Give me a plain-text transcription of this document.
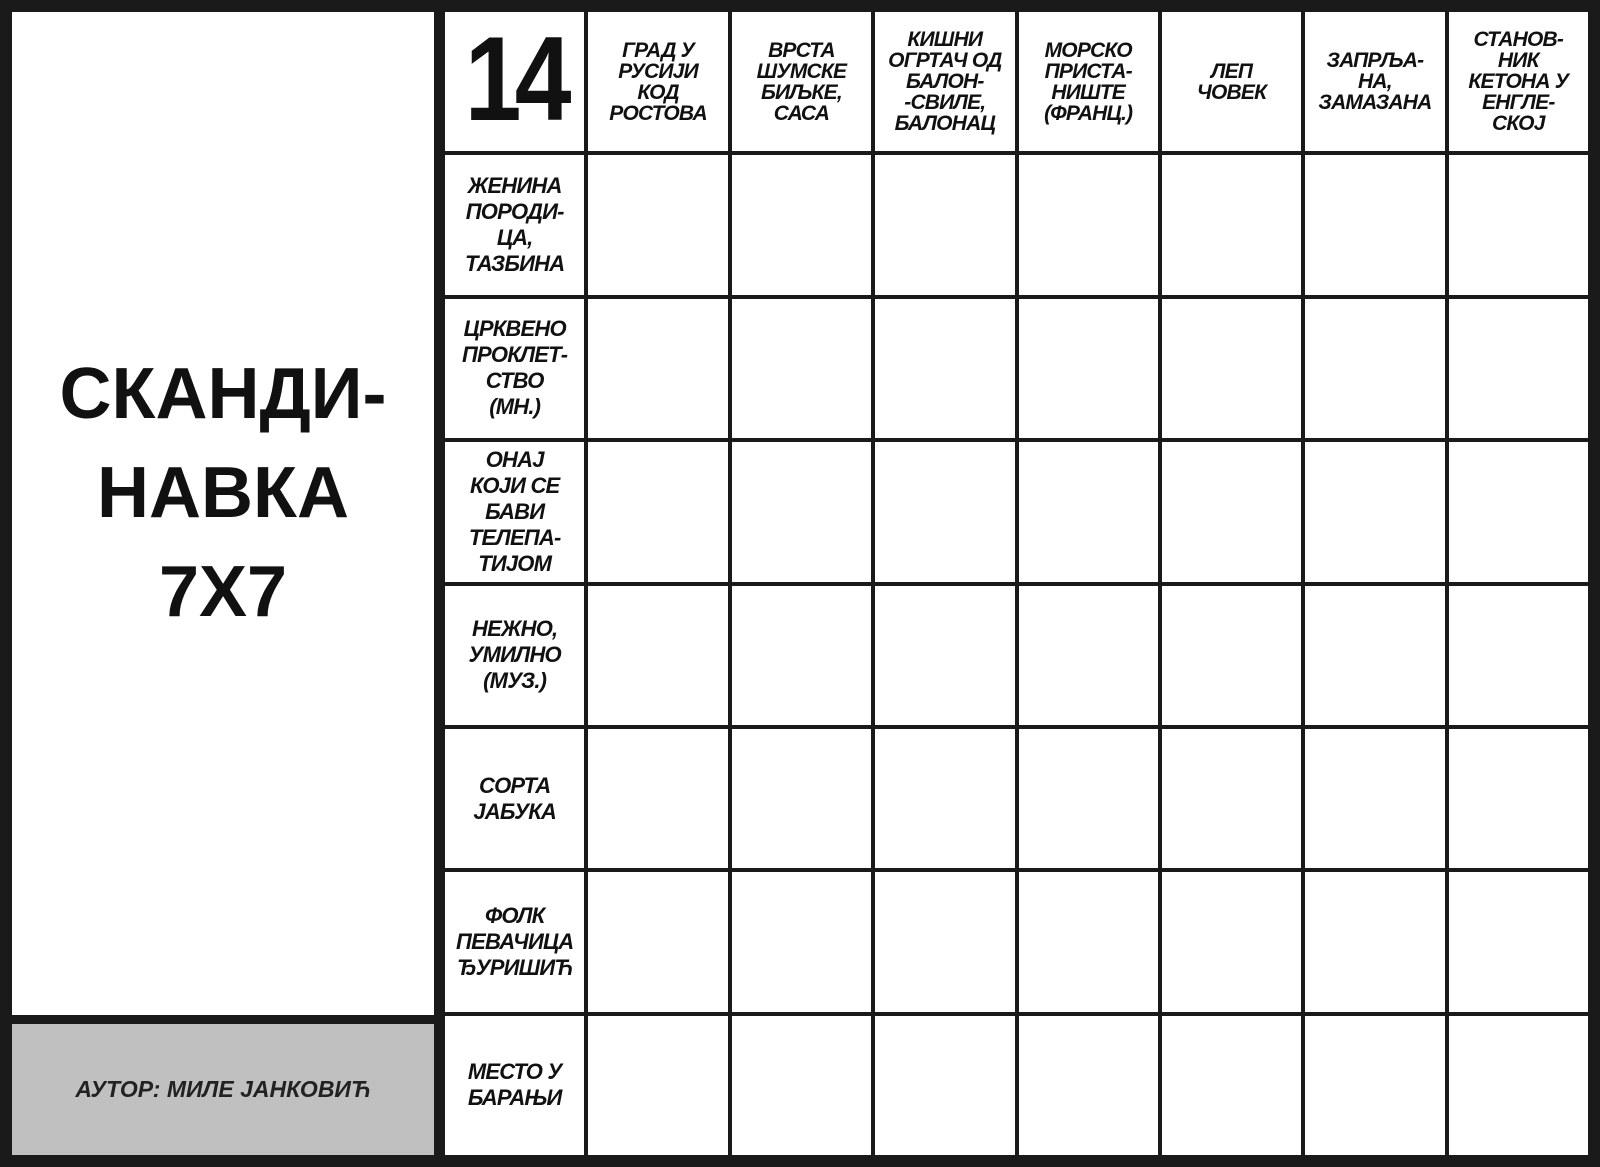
СКАНДИ-
НАВКА
7Х7
АУТОР: МИЛЕ ЈАНКОВИЋ
14	ГРАД У
РУСИЈИ
КОД
РОСТОВА
ВРСТА
ШУМСКЕ
БИЉКЕ,
САСА
КИШНИ
ОГРТАЧ ОД
БАЛОН-
-СВИЛЕ,
БАЛОНАЦ
МОРСКО
ПРИСТА-
НИШТЕ
(ФРАНЦ.)
ЛЕП
ЧОВЕК
ЗАПРЉА-
НА,
ЗАМАЗАНА
СТАНОВ-
НИК
КЕТОНА У
ЕНГЛЕ-
СКОЈ
ЖЕНИНА
ПОРОДИ-
ЦА,
ТАЗБИНА
ЦРКВЕНО
ПРОКЛЕТ-
СТВО
(МН.)
ОНАЈ
КОЈИ СЕ
БАВИ
ТЕЛЕПА-
ТИЈОМ
НЕЖНО,
УМИЛНО
(МУЗ.)
СОРТА
ЈАБУКА
ФОЛК
ПЕВАЧИЦА
ЂУРИШИЋ
МЕСТО У
БАРАЊИ
